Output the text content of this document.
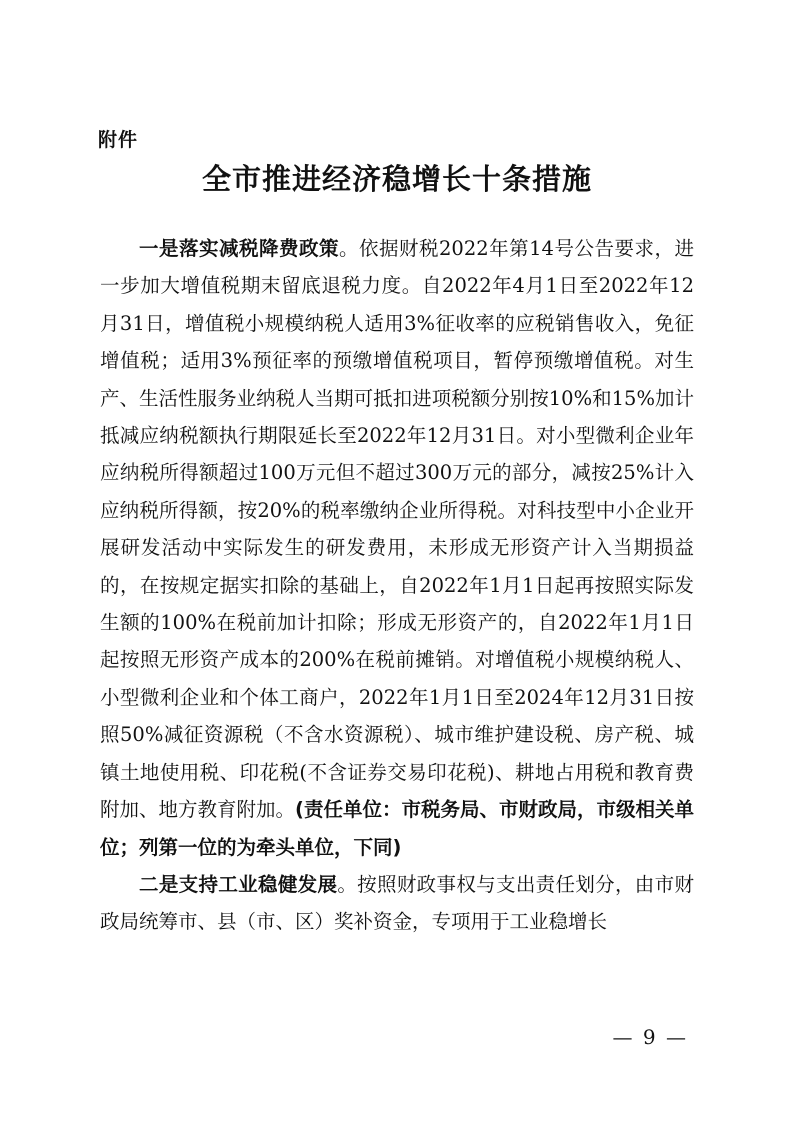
附件
全市推进经济稳增长十条措施

一是落实减税降费政策。依据财税2022年第14号公告要求，进一步加大增值税期末留底退税力度。自2022年4月1日至2022年12月31日，增值税小规模纳税人适用3%征收率的应税销售收入，免征增值税；适用3%预征率的预缴增值税项目，暂停预缴增值税。对生产、生活性服务业纳税人当期可抵扣进项税额分别按10%和15%加计抵减应纳税额执行期限延长至2022年12月31日。对小型微利企业年应纳税所得额超过100万元但不超过300万元的部分，减按25%计入应纳税所得额，按20%的税率缴纳企业所得税。对科技型中小企业开展研发活动中实际发生的研发费用，未形成无形资产计入当期损益的，在按规定据实扣除的基础上，自2022年1月1日起再按照实际发生额的100%在税前加计扣除；形成无形资产的，自2022年1月1日起按照无形资产成本的200%在税前摊销。对增值税小规模纳税人、小型微利企业和个体工商户，2022年1月1日至2024年12月31日按照50%减征资源税（不含水资源税）、城市维护建设税、房产税、城镇土地使用税、印花税(不含证券交易印花税)、耕地占用税和教育费附加、地方教育附加。(责任单位：市税务局、市财政局，市级相关单位；列第一位的为牵头单位，下同)

二是支持工业稳健发展。按照财政事权与支出责任划分，由市财政局统筹市、县（市、区）奖补资金，专项用于工业稳增长

— 9 —
